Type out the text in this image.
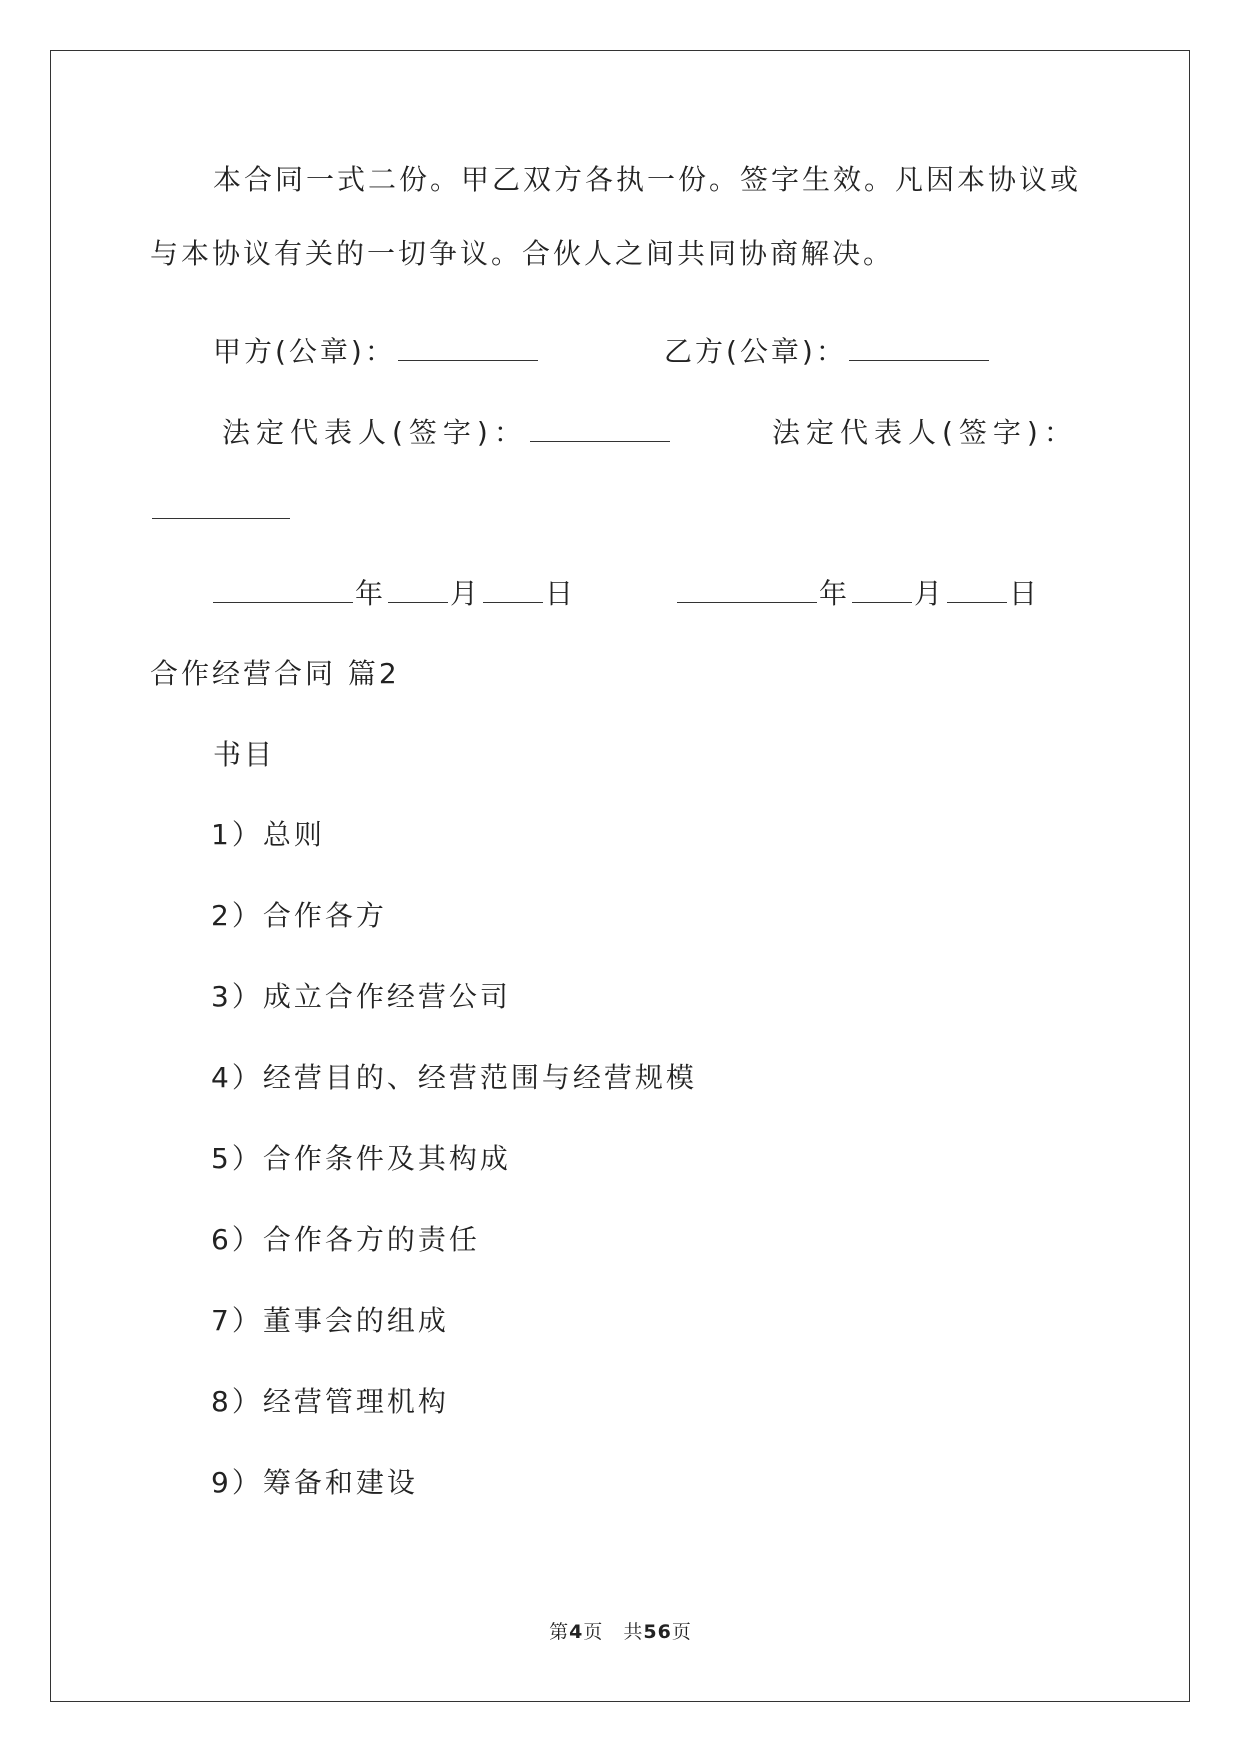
本合同一式二份。甲乙双方各执一份。签字生效。凡因本协议或
与本协议有关的一切争议。合伙人之间共同协商解决。
甲方(公章)：	乙方(公章)：
法定代表人(签字)：	法定代表人(签字)：
年 月 日	年 月 日
合作经营合同 篇2
书目
1）总则
2）合作各方
3）成立合作经营公司
4）经营目的、经营范围与经营规模
5）合作条件及其构成
6）合作各方的责任
7）董事会的组成
8）经营管理机构
9）筹备和建设
第4页　共56页
